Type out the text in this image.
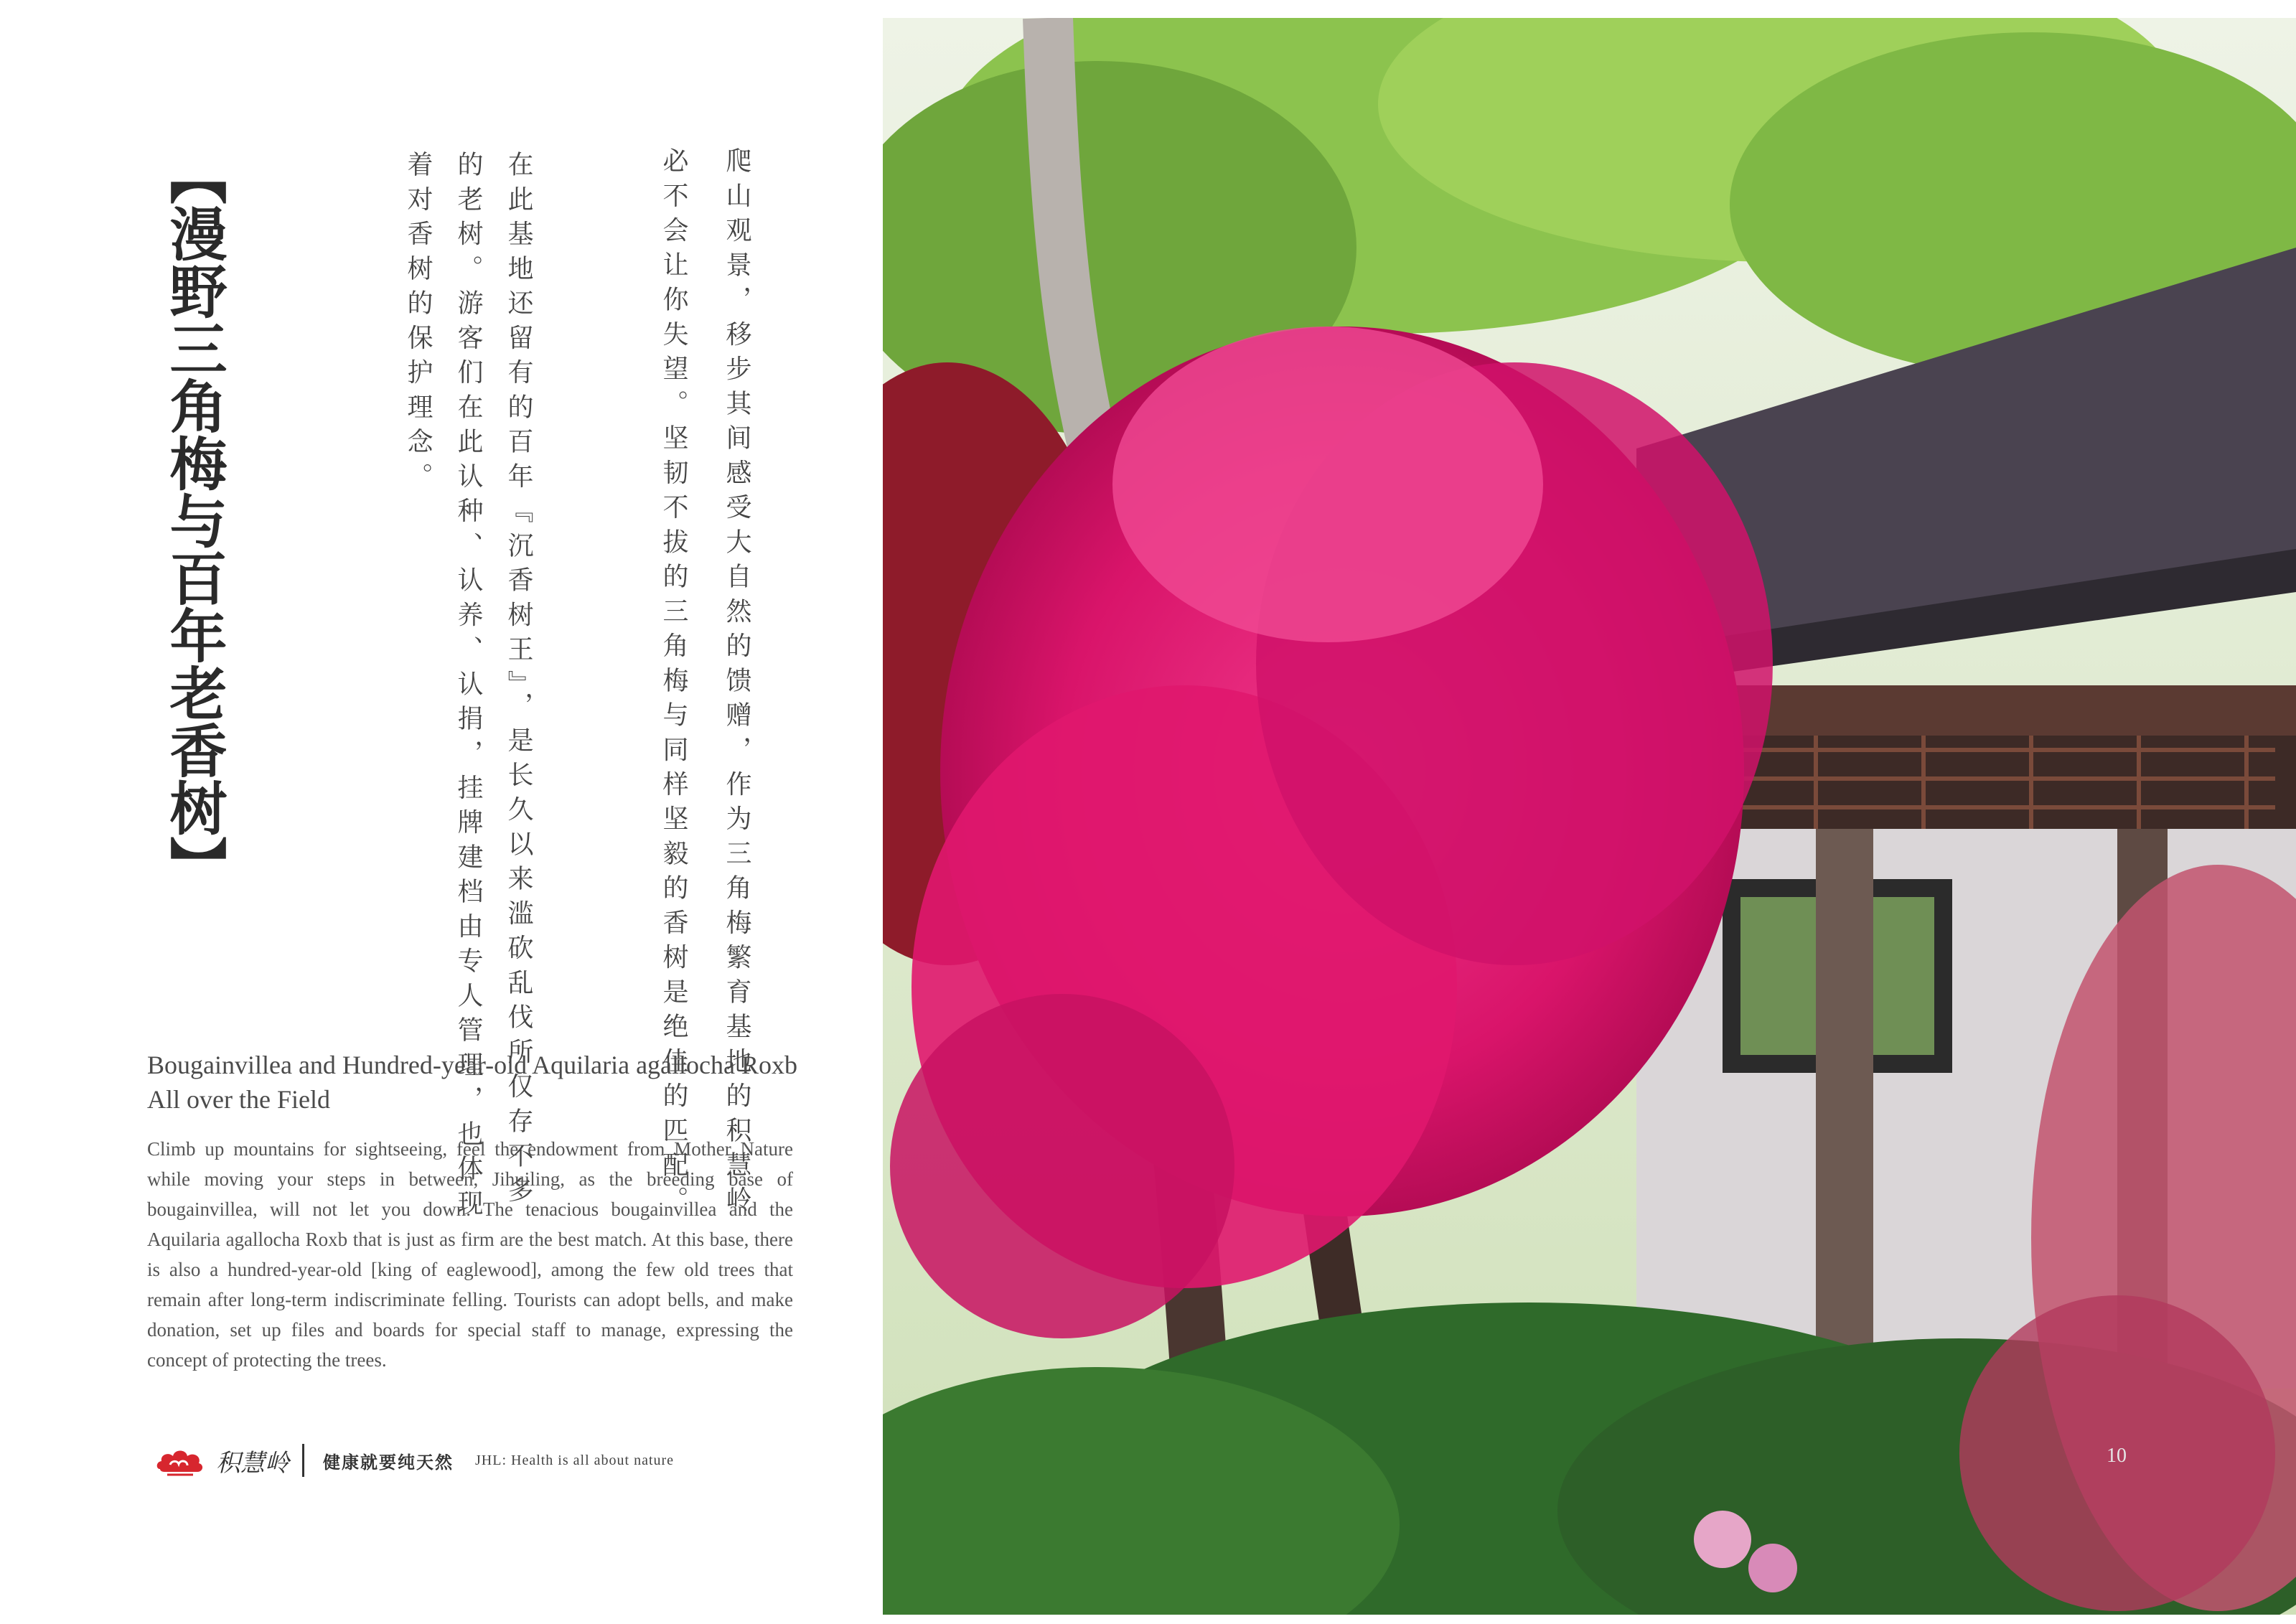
【漫野三角梅与百年老香树】	爬山观景，移步其间感受大自然的馈赠，作为三角梅繁育基地的积慧岭
必不会让你失望。坚韧不拔的三角梅与同样坚毅的香树是绝佳的匹配。

在此基地还留有的百年『沉香树王』，是长久以来滥砍乱伐所仅存不多
的老树。游客们在此认种、认养、认捐，挂牌建档由专人管理，也体现
着对香树的保护理念。

Bougainvillea and Hundred-year-old Aquilaria agallocha Roxb All over the Field

Climb up mountains for sightseeing, feel the endowment from Mother Nature while moving your steps in between, Jihuiling, as the breeding base of bougainvillea, will not let you down. The tenacious bougainvillea and the Aquilaria agallocha Roxb that is just as firm are the best match. At this base, there is also a hundred-year-old [king of eaglewood], among the few old trees that remain after long-term indiscriminate felling. Tourists can adopt bells, and make donation, set up files and boards for special staff to manage, expressing the concept of protecting the trees.

积慧岭 健康就要纯天然 JHL: Health is all about nature	10
